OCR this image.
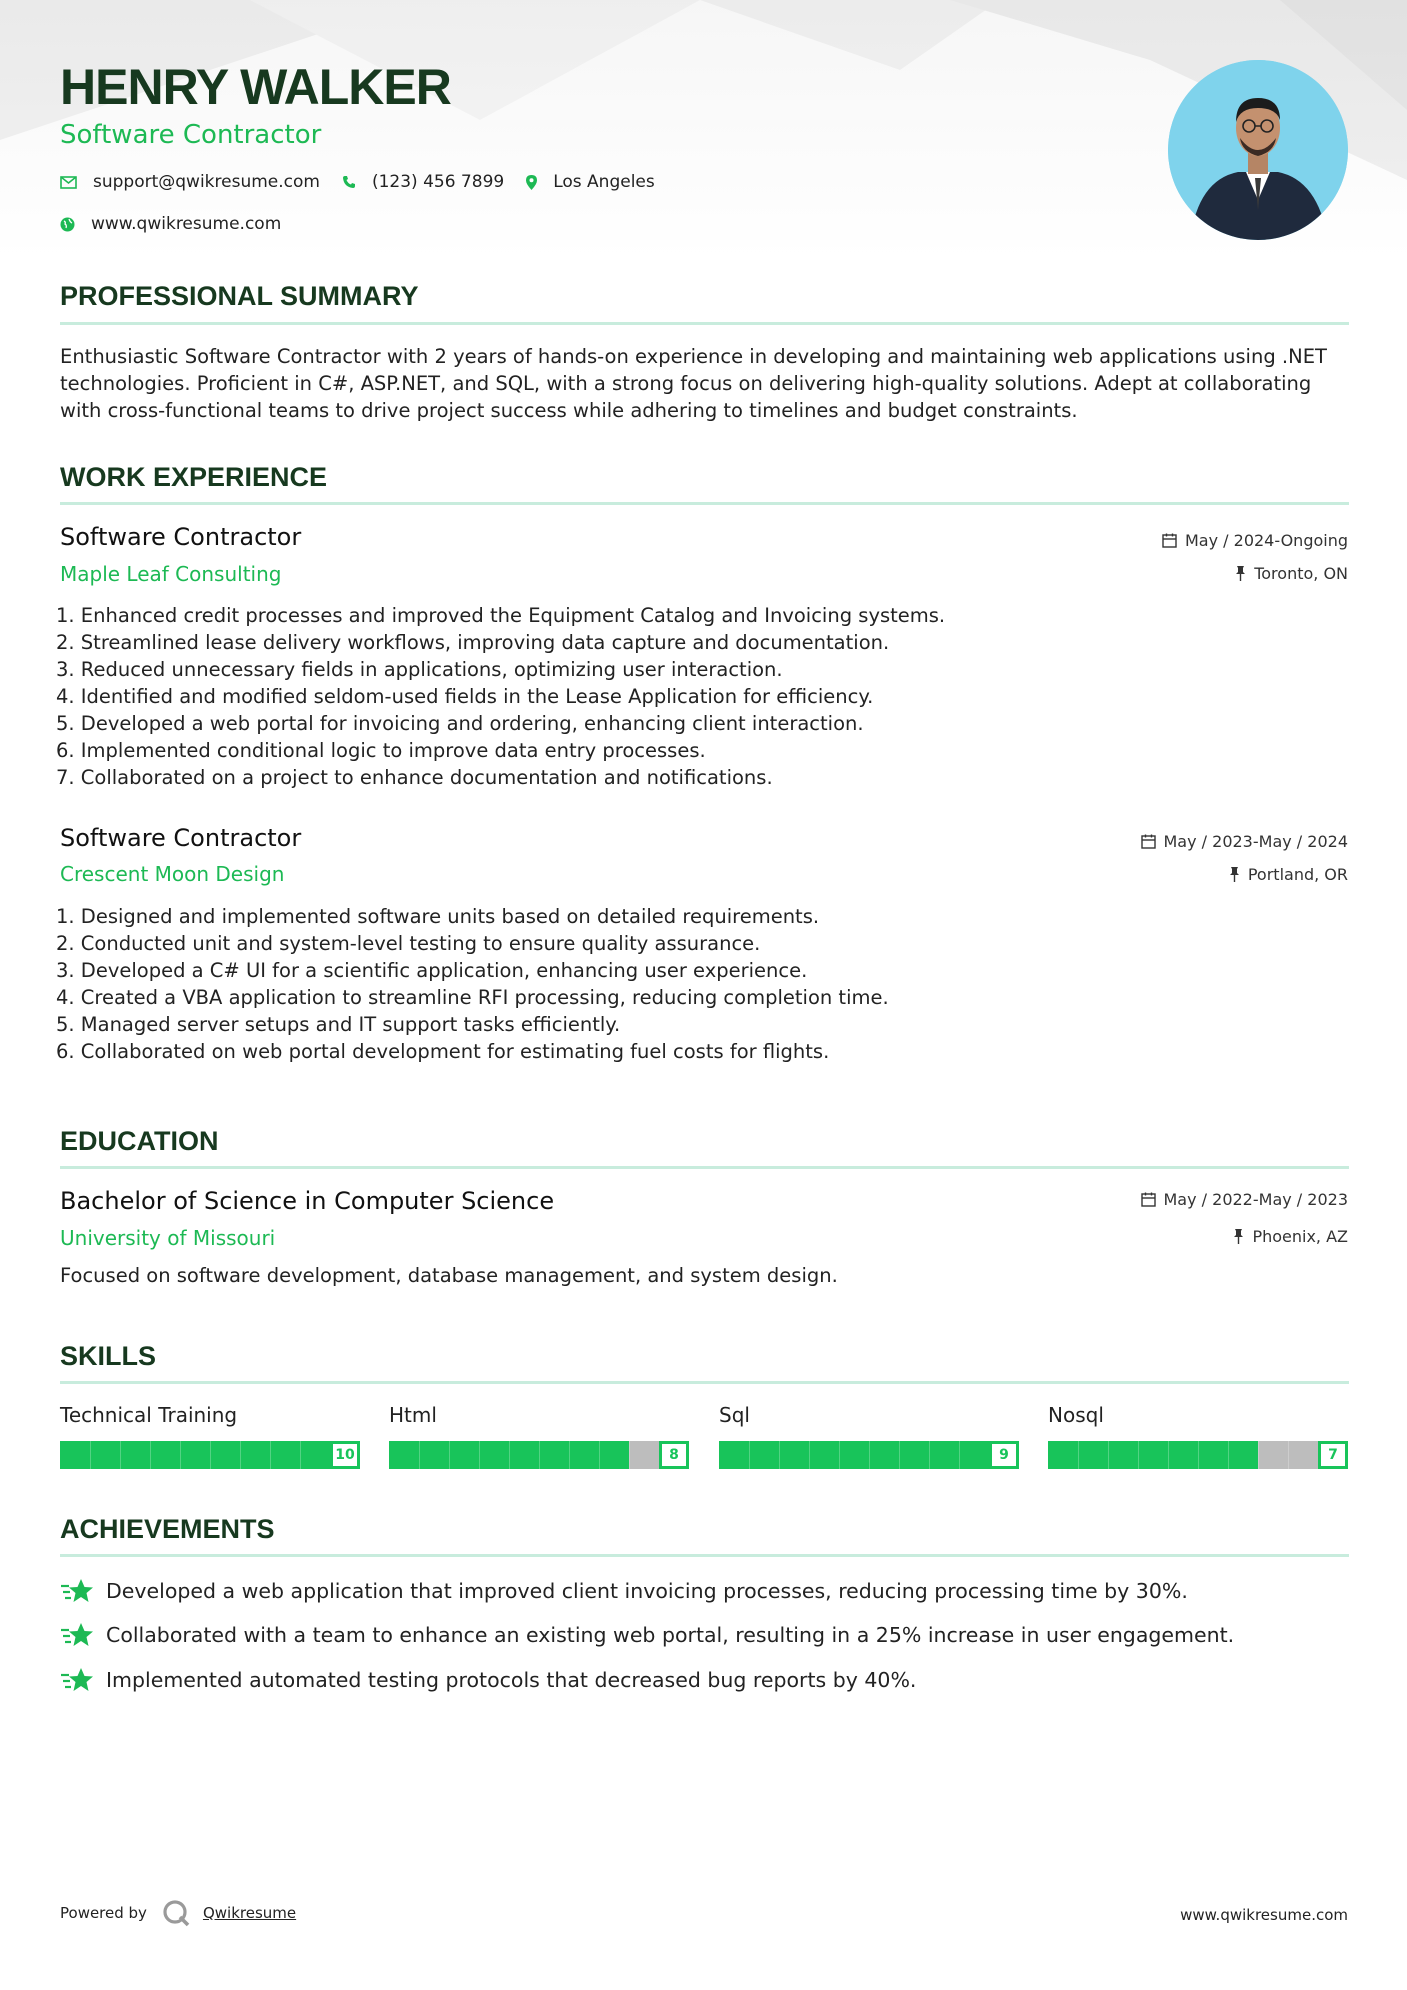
HENRY WALKER
Software Contractor
support@qwikresume.com	(123) 456 7899	Los Angeles
www.qwikresume.com
PROFESSIONAL SUMMARY
Enthusiastic Software Contractor with 2 years of hands-on experience in developing and maintaining web applications using .NET technologies. Proficient in C#, ASP.NET, and SQL, with a strong focus on delivering high-quality solutions. Adept at collaborating with cross-functional teams to drive project success while adhering to timelines and budget constraints.
WORK EXPERIENCE
Software Contractor
Maple Leaf Consulting
May / 2024-Ongoing
Toronto, ON
1. Enhanced credit processes and improved the Equipment Catalog and Invoicing systems.
2. Streamlined lease delivery workflows, improving data capture and documentation.
3. Reduced unnecessary fields in applications, optimizing user interaction.
4. Identified and modified seldom-used fields in the Lease Application for efficiency.
5. Developed a web portal for invoicing and ordering, enhancing client interaction.
6. Implemented conditional logic to improve data entry processes.
7. Collaborated on a project to enhance documentation and notifications.
Software Contractor
Crescent Moon Design
May / 2023-May / 2024
Portland, OR
1. Designed and implemented software units based on detailed requirements.
2. Conducted unit and system-level testing to ensure quality assurance.
3. Developed a C# UI for a scientific application, enhancing user experience.
4. Created a VBA application to streamline RFI processing, reducing completion time.
5. Managed server setups and IT support tasks efficiently.
6. Collaborated on web portal development for estimating fuel costs for flights.
EDUCATION
Bachelor of Science in Computer Science
University of Missouri
May / 2022-May / 2023
Phoenix, AZ
Focused on software development, database management, and system design.
SKILLS
Technical Training
10
Html
8
Sql
9
Nosql
7
ACHIEVEMENTS
Developed a web application that improved client invoicing processes, reducing processing time by 30%.
Collaborated with a team to enhance an existing web portal, resulting in a 25% increase in user engagement.
Implemented automated testing protocols that decreased bug reports by 40%.
Powered by	Qwikresume	www.qwikresume.com
